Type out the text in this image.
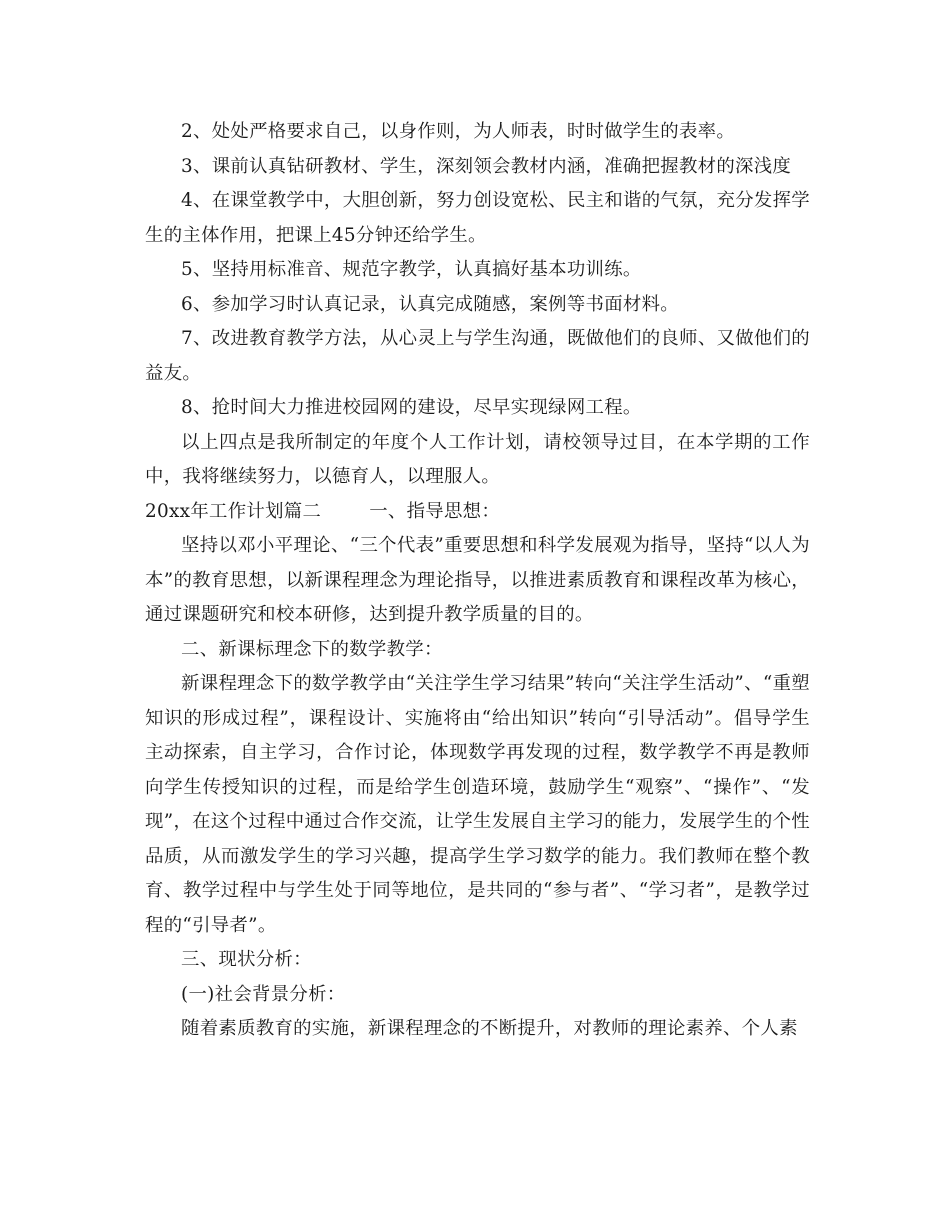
2、处处严格要求自己，以身作则，为人师表，时时做学生的表率。

3、课前认真钻研教材、学生，深刻领会教材内涵，准确把握教材的深浅度

4、在课堂教学中，大胆创新，努力创设宽松、民主和谐的气氛，充分发挥学生的主体作用，把课上45分钟还给学生。

5、坚持用标准音、规范字教学，认真搞好基本功训练。

6、参加学习时认真记录，认真完成随感，案例等书面材料。

7、改进教育教学方法，从心灵上与学生沟通，既做他们的良师、又做他们的益友。

8、抢时间大力推进校园网的建设，尽早实现绿网工程。

以上四点是我所制定的年度个人工作计划，请校领导过目，在本学期的工作中，我将继续努力，以德育人，以理服人。

20xx年工作计划篇二	一、指导思想：

坚持以邓小平理论、“三个代表”重要思想和科学发展观为指导，坚持“以人为本”的教育思想，以新课程理念为理论指导，以推进素质教育和课程改革为核心，通过课题研究和校本研修，达到提升教学质量的目的。

二、新课标理念下的数学教学：

新课程理念下的数学教学由“关注学生学习结果”转向“关注学生活动”、“重塑知识的形成过程”，课程设计、实施将由“给出知识”转向“引导活动”。倡导学生主动探索，自主学习，合作讨论，体现数学再发现的过程，数学教学不再是教师向学生传授知识的过程，而是给学生创造环境，鼓励学生“观察”、“操作”、“发现”，在这个过程中通过合作交流，让学生发展自主学习的能力，发展学生的个性品质，从而激发学生的学习兴趣，提高学生学习数学的能力。我们教师在整个教育、教学过程中与学生处于同等地位，是共同的“参与者”、“学习者”，是教学过程的“引导者”。

三、现状分析：

(一)社会背景分析：

随着素质教育的实施，新课程理念的不断提升，对教师的理论素养、个人素
